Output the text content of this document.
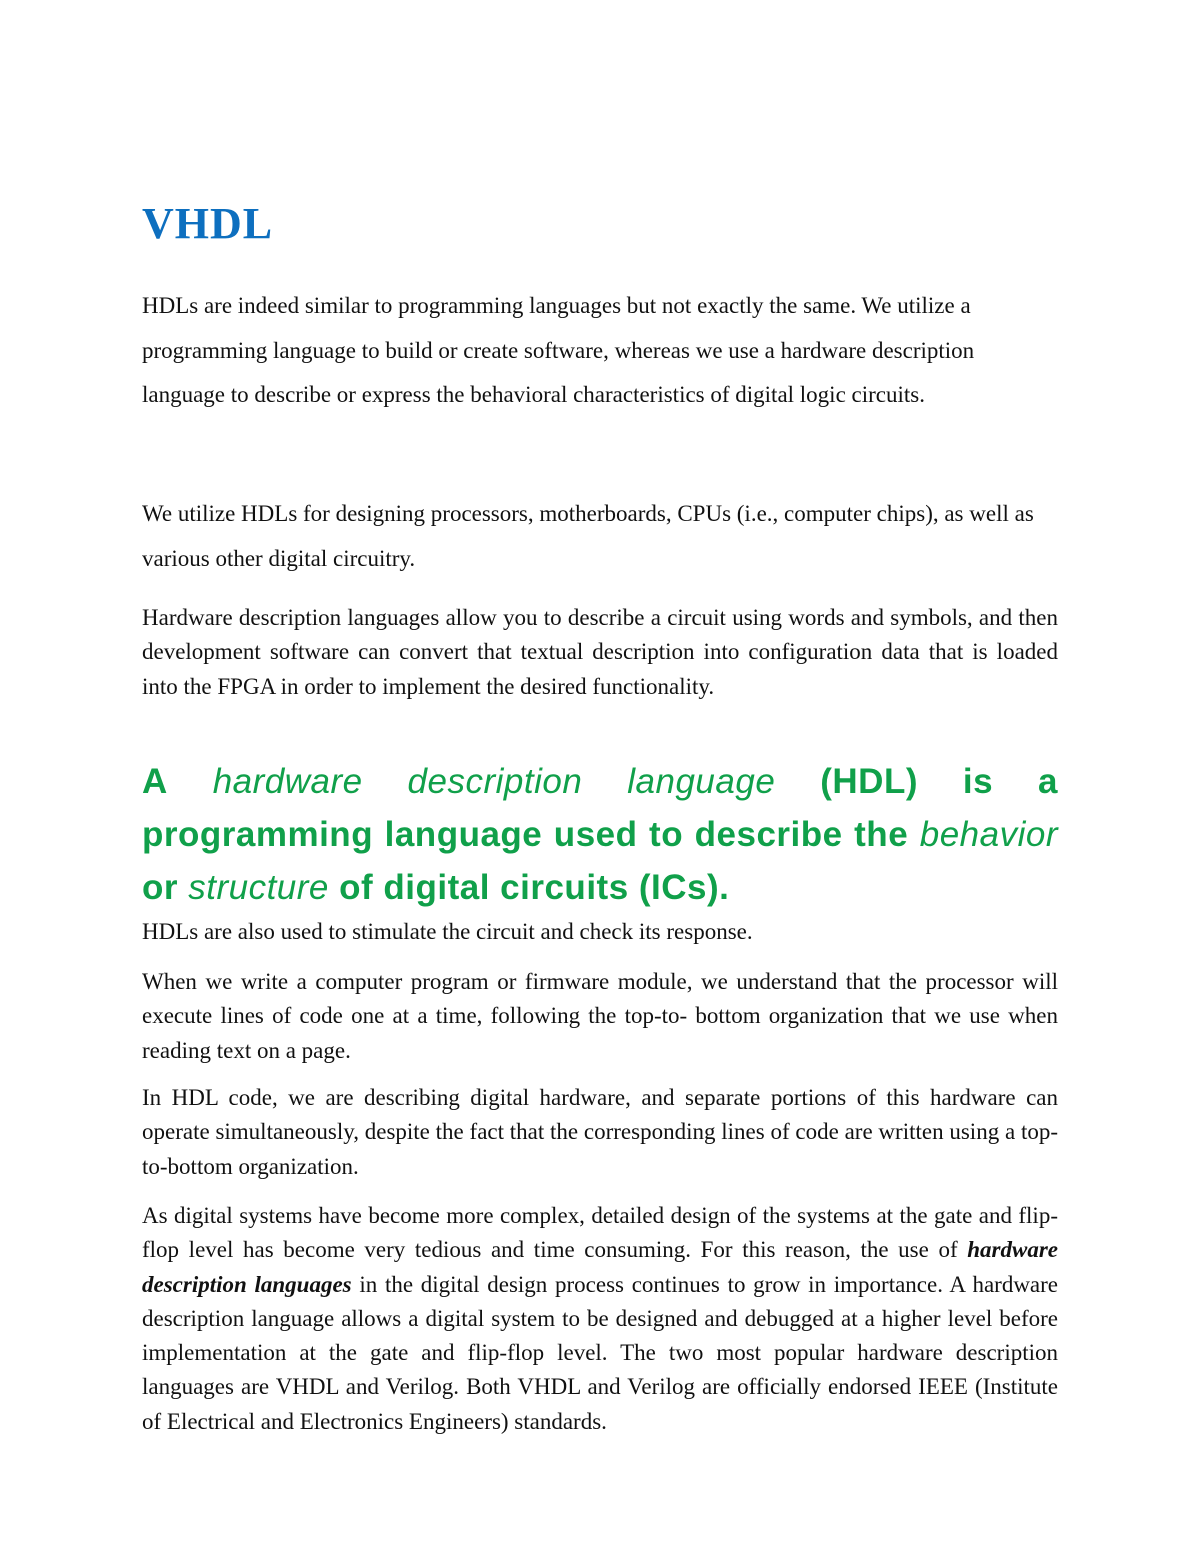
VHDL

HDLs are indeed similar to programming languages but not exactly the same. We utilize a programming language to build or create software, whereas we use a hardware description language to describe or express the behavioral characteristics of digital logic circuits.

We utilize HDLs for designing processors, motherboards, CPUs (i.e., computer chips), as well as various other digital circuitry.

Hardware description languages allow you to describe a circuit using words and symbols, and then development software can convert that textual description into configuration data that is loaded into the FPGA in order to implement the desired functionality.

A hardware description language (HDL) is a programming language used to describe the behavior or structure of digital circuits (ICs).

HDLs are also used to stimulate the circuit and check its response.

When we write a computer program or firmware module, we understand that the processor will execute lines of code one at a time, following the top-to- bottom organization that we use when reading text on a page.

In HDL code, we are describing digital hardware, and separate portions of this hardware can operate simultaneously, despite the fact that the corresponding lines of code are written using a top-to-bottom organization.

As digital systems have become more complex, detailed design of the systems at the gate and flip-flop level has become very tedious and time consuming. For this reason, the use of hardware description languages in the digital design process continues to grow in importance. A hardware description language allows a digital system to be designed and debugged at a higher level before implementation at the gate and flip-flop level. The two most popular hardware description languages are VHDL and Verilog. Both VHDL and Verilog are officially endorsed IEEE (Institute of Electrical and Electronics Engineers) standards.
